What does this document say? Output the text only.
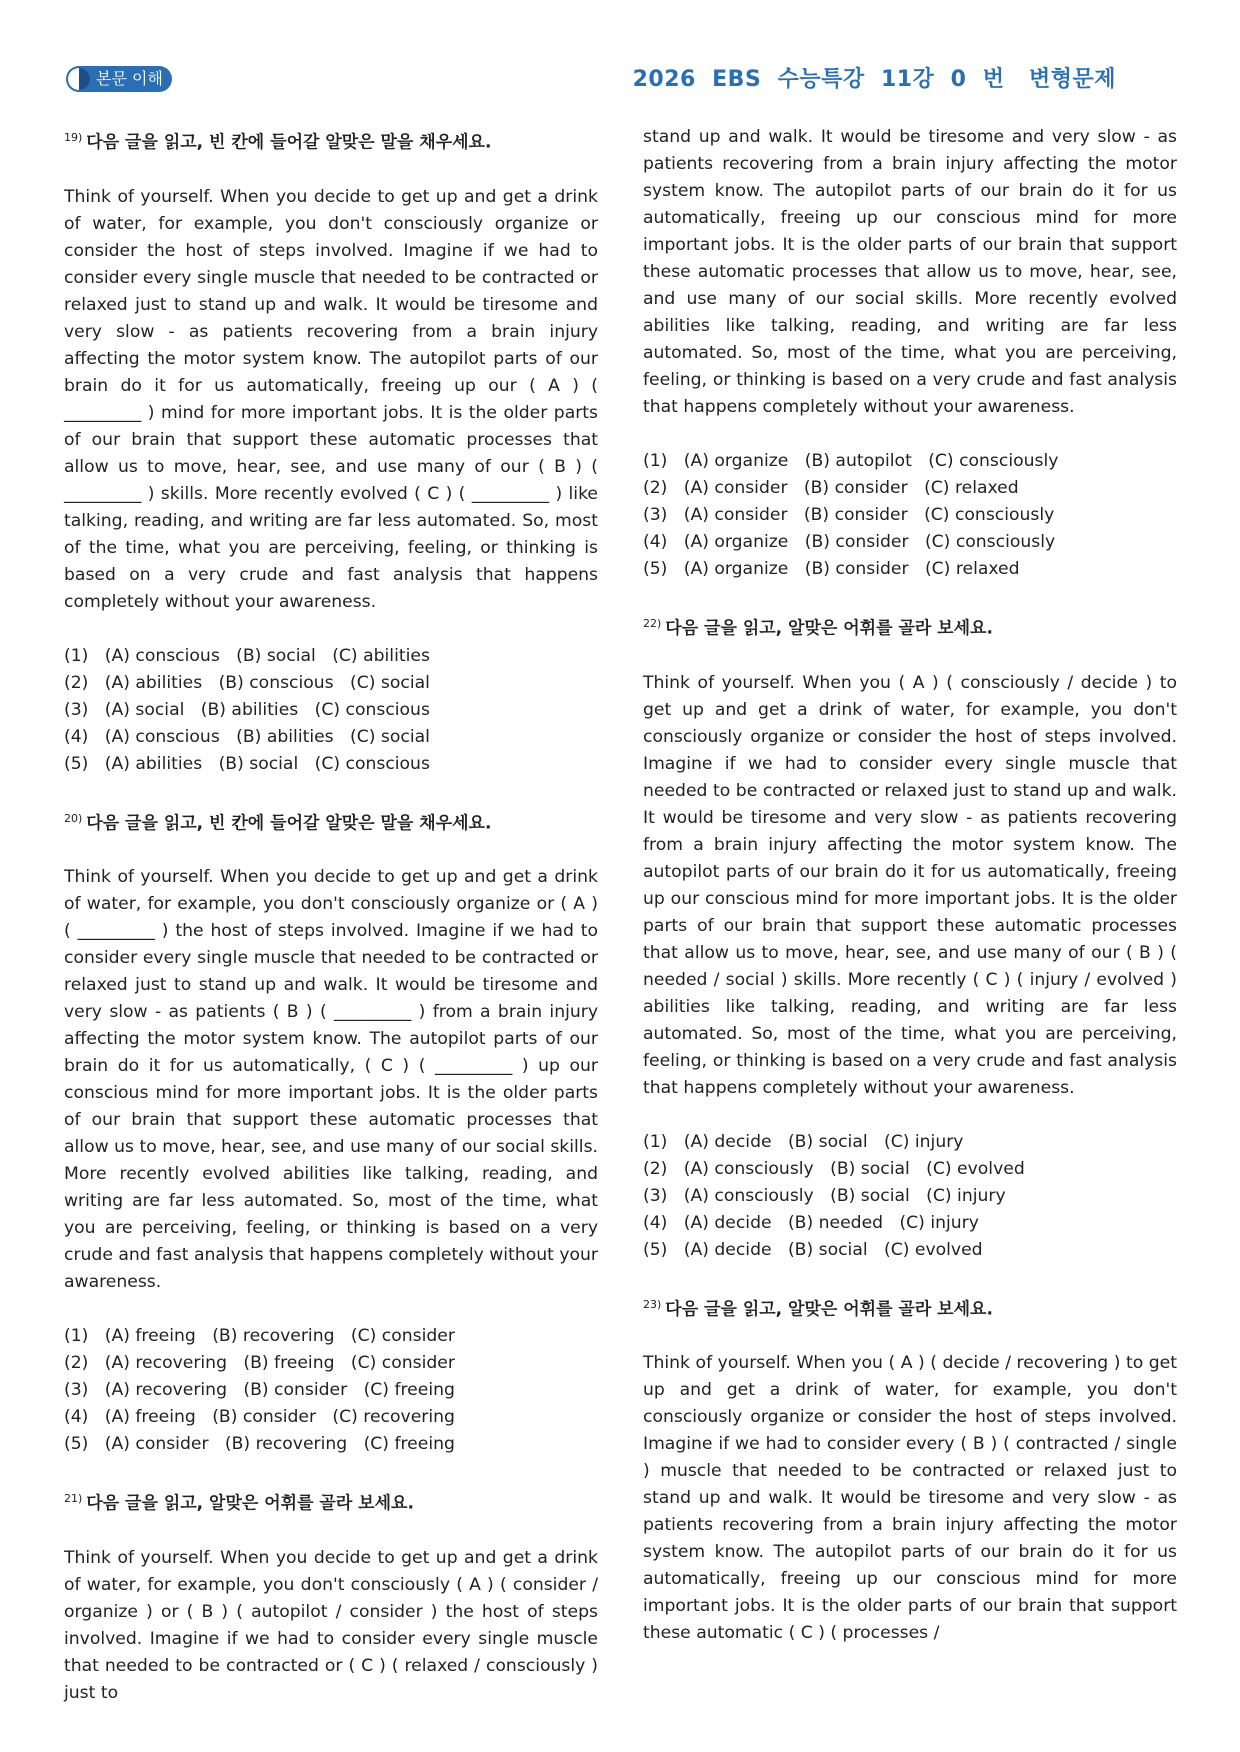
본문 이해	2026  EBS  수능특강  11강  0  번   변형문제
$^{19)}$ 다음 글을 읽고, 빈 칸에 들어갈 알맞은 말을 채우세요.

Think of yourself. When you decide to get up and get a drink of water, for example, you don't consciously organize or consider the host of steps involved. Imagine if we had to consider every single muscle that needed to be contracted or relaxed just to stand up and walk. It would be tiresome and very slow - as patients recovering from a brain injury affecting the motor system know. The autopilot parts of our brain do it for us automatically, freeing up our ( A ) ( _________ ) mind for more important jobs. It is the older parts of our brain that support these automatic processes that allow us to move, hear, see, and use many of our ( B ) ( _________ ) skills. More recently evolved ( C ) ( _________ ) like talking, reading, and writing are far less automated. So, most of the time, what you are perceiving, feeling, or thinking is based on a very crude and fast analysis that happens completely without your awareness.

(1)   (A) conscious   (B) social   (C) abilities
(2)   (A) abilities   (B) conscious   (C) social
(3)   (A) social   (B) abilities   (C) conscious
(4)   (A) conscious   (B) abilities   (C) social
(5)   (A) abilities   (B) social   (C) conscious
$^{20)}$ 다음 글을 읽고, 빈 칸에 들어갈 알맞은 말을 채우세요.

Think of yourself. When you decide to get up and get a drink of water, for example, you don't consciously organize or ( A ) ( _________ ) the host of steps involved. Imagine if we had to consider every single muscle that needed to be contracted or relaxed just to stand up and walk. It would be tiresome and very slow - as patients ( B ) ( _________ ) from a brain injury affecting the motor system know. The autopilot parts of our brain do it for us automatically, ( C ) ( _________ ) up our conscious mind for more important jobs. It is the older parts of our brain that support these automatic processes that allow us to move, hear, see, and use many of our social skills. More recently evolved abilities like talking, reading, and writing are far less automated. So, most of the time, what you are perceiving, feeling, or thinking is based on a very crude and fast analysis that happens completely without your awareness.

(1)   (A) freeing   (B) recovering   (C) consider
(2)   (A) recovering   (B) freeing   (C) consider
(3)   (A) recovering   (B) consider   (C) freeing
(4)   (A) freeing   (B) consider   (C) recovering
(5)   (A) consider   (B) recovering   (C) freeing
$^{21)}$ 다음 글을 읽고, 알맞은 어휘를 골라 보세요.

Think of yourself. When you decide to get up and get a drink of water, for example, you don't consciously ( A ) ( consider / organize ) or ( B ) ( autopilot / consider ) the host of steps involved. Imagine if we had to consider every single muscle that needed to be contracted or ( C ) ( relaxed / consciously ) just to

stand up and walk. It would be tiresome and very slow - as patients recovering from a brain injury affecting the motor system know. The autopilot parts of our brain do it for us automatically, freeing up our conscious mind for more important jobs. It is the older parts of our brain that support these automatic processes that allow us to move, hear, see, and use many of our social skills. More recently evolved abilities like talking, reading, and writing are far less automated. So, most of the time, what you are perceiving, feeling, or thinking is based on a very crude and fast analysis that happens completely without your awareness.

(1)   (A) organize   (B) autopilot   (C) consciously
(2)   (A) consider   (B) consider   (C) relaxed
(3)   (A) consider   (B) consider   (C) consciously
(4)   (A) organize   (B) consider   (C) consciously
(5)   (A) organize   (B) consider   (C) relaxed
$^{22)}$ 다음 글을 읽고, 알맞은 어휘를 골라 보세요.

Think of yourself. When you ( A ) ( consciously / decide ) to get up and get a drink of water, for example, you don't consciously organize or consider the host of steps involved. Imagine if we had to consider every single muscle that needed to be contracted or relaxed just to stand up and walk. It would be tiresome and very slow - as patients recovering from a brain injury affecting the motor system know. The autopilot parts of our brain do it for us automatically, freeing up our conscious mind for more important jobs. It is the older parts of our brain that support these automatic processes that allow us to move, hear, see, and use many of our ( B ) ( needed / social ) skills. More recently ( C ) ( injury / evolved ) abilities like talking, reading, and writing are far less automated. So, most of the time, what you are perceiving, feeling, or thinking is based on a very crude and fast analysis that happens completely without your awareness.

(1)   (A) decide   (B) social   (C) injury
(2)   (A) consciously   (B) social   (C) evolved
(3)   (A) consciously   (B) social   (C) injury
(4)   (A) decide   (B) needed   (C) injury
(5)   (A) decide   (B) social   (C) evolved
$^{23)}$ 다음 글을 읽고, 알맞은 어휘를 골라 보세요.

Think of yourself. When you ( A ) ( decide / recovering ) to get up and get a drink of water, for example, you don't consciously organize or consider the host of steps involved. Imagine if we had to consider every ( B ) ( contracted / single ) muscle that needed to be contracted or relaxed just to stand up and walk. It would be tiresome and very slow - as patients recovering from a brain injury affecting the motor system know. The autopilot parts of our brain do it for us automatically, freeing up our conscious mind for more important jobs. It is the older parts of our brain that support these automatic ( C ) ( processes /
